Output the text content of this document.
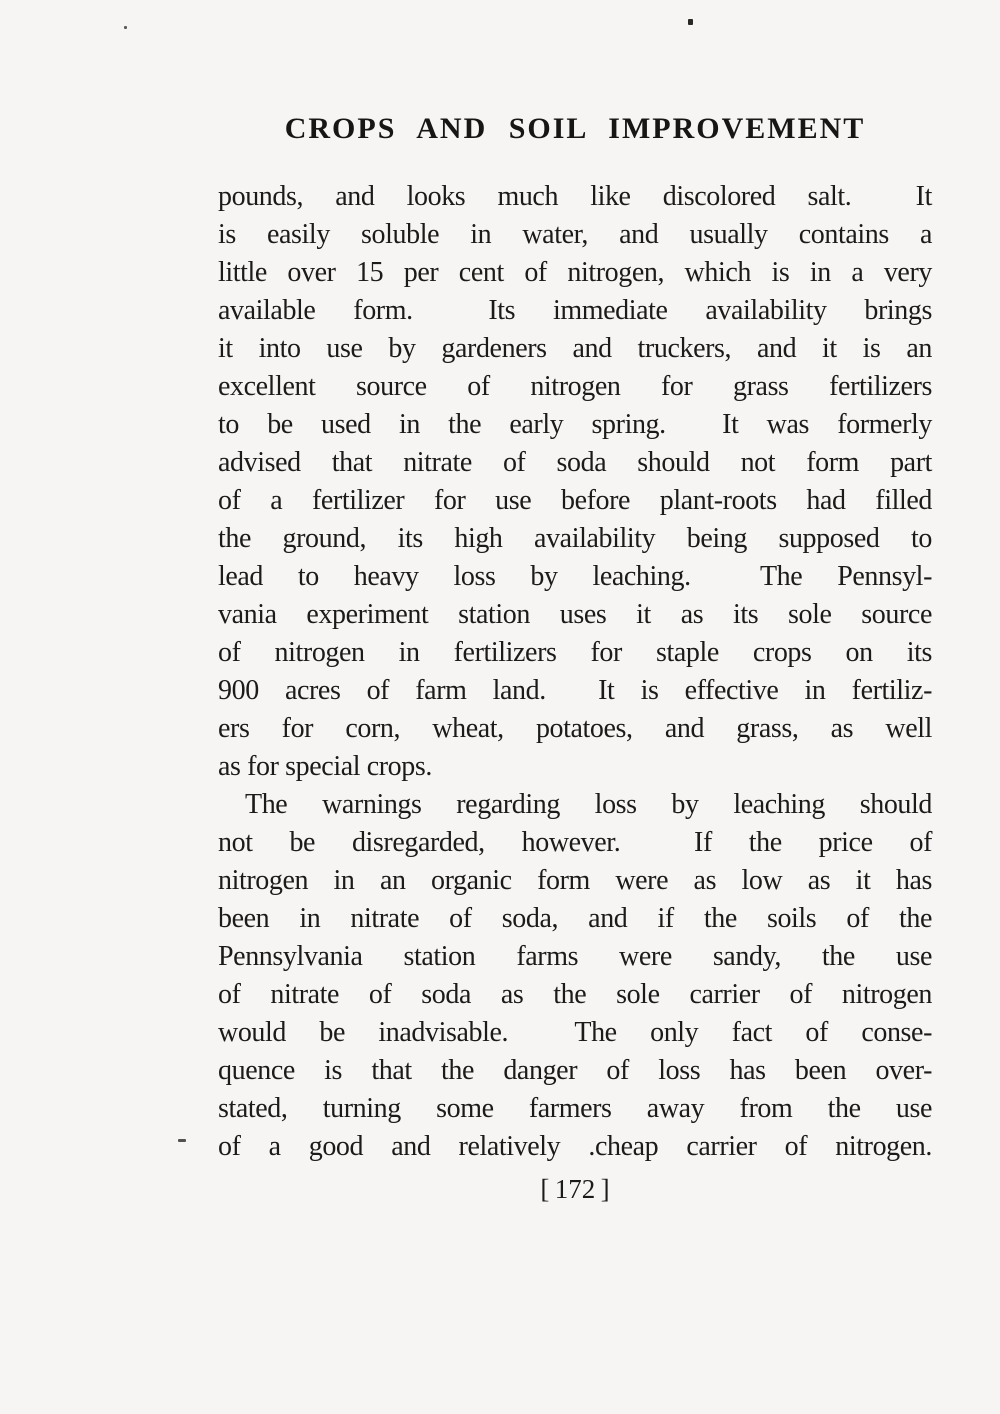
CROPS AND SOIL IMPROVEMENT

pounds, and looks much like discolored salt.  It
is easily soluble in water, and usually contains a
little over 15 per cent of nitrogen, which is in a very
available form.  Its immediate availability brings
it into use by gardeners and truckers, and it is an
excellent source of nitrogen for grass fertilizers
to be used in the early spring.  It was formerly
advised that nitrate of soda should not form part
of a fertilizer for use before plant-roots had filled
the ground, its high availability being supposed to
lead to heavy loss by leaching.  The Pennsyl-
vania experiment station uses it as its sole source
of nitrogen in fertilizers for staple crops on its
900 acres of farm land.  It is effective in fertiliz-
ers for corn, wheat, potatoes, and grass, as well
as for special crops.

The warnings regarding loss by leaching should
not be disregarded, however.  If the price of
nitrogen in an organic form were as low as it has
been in nitrate of soda, and if the soils of the
Pennsylvania station farms were sandy, the use
of nitrate of soda as the sole carrier of nitrogen
would be inadvisable.  The only fact of conse-
quence is that the danger of loss has been over-
stated, turning some farmers away from the use
of a good and relatively .cheap carrier of nitrogen.

[ 172 ]
